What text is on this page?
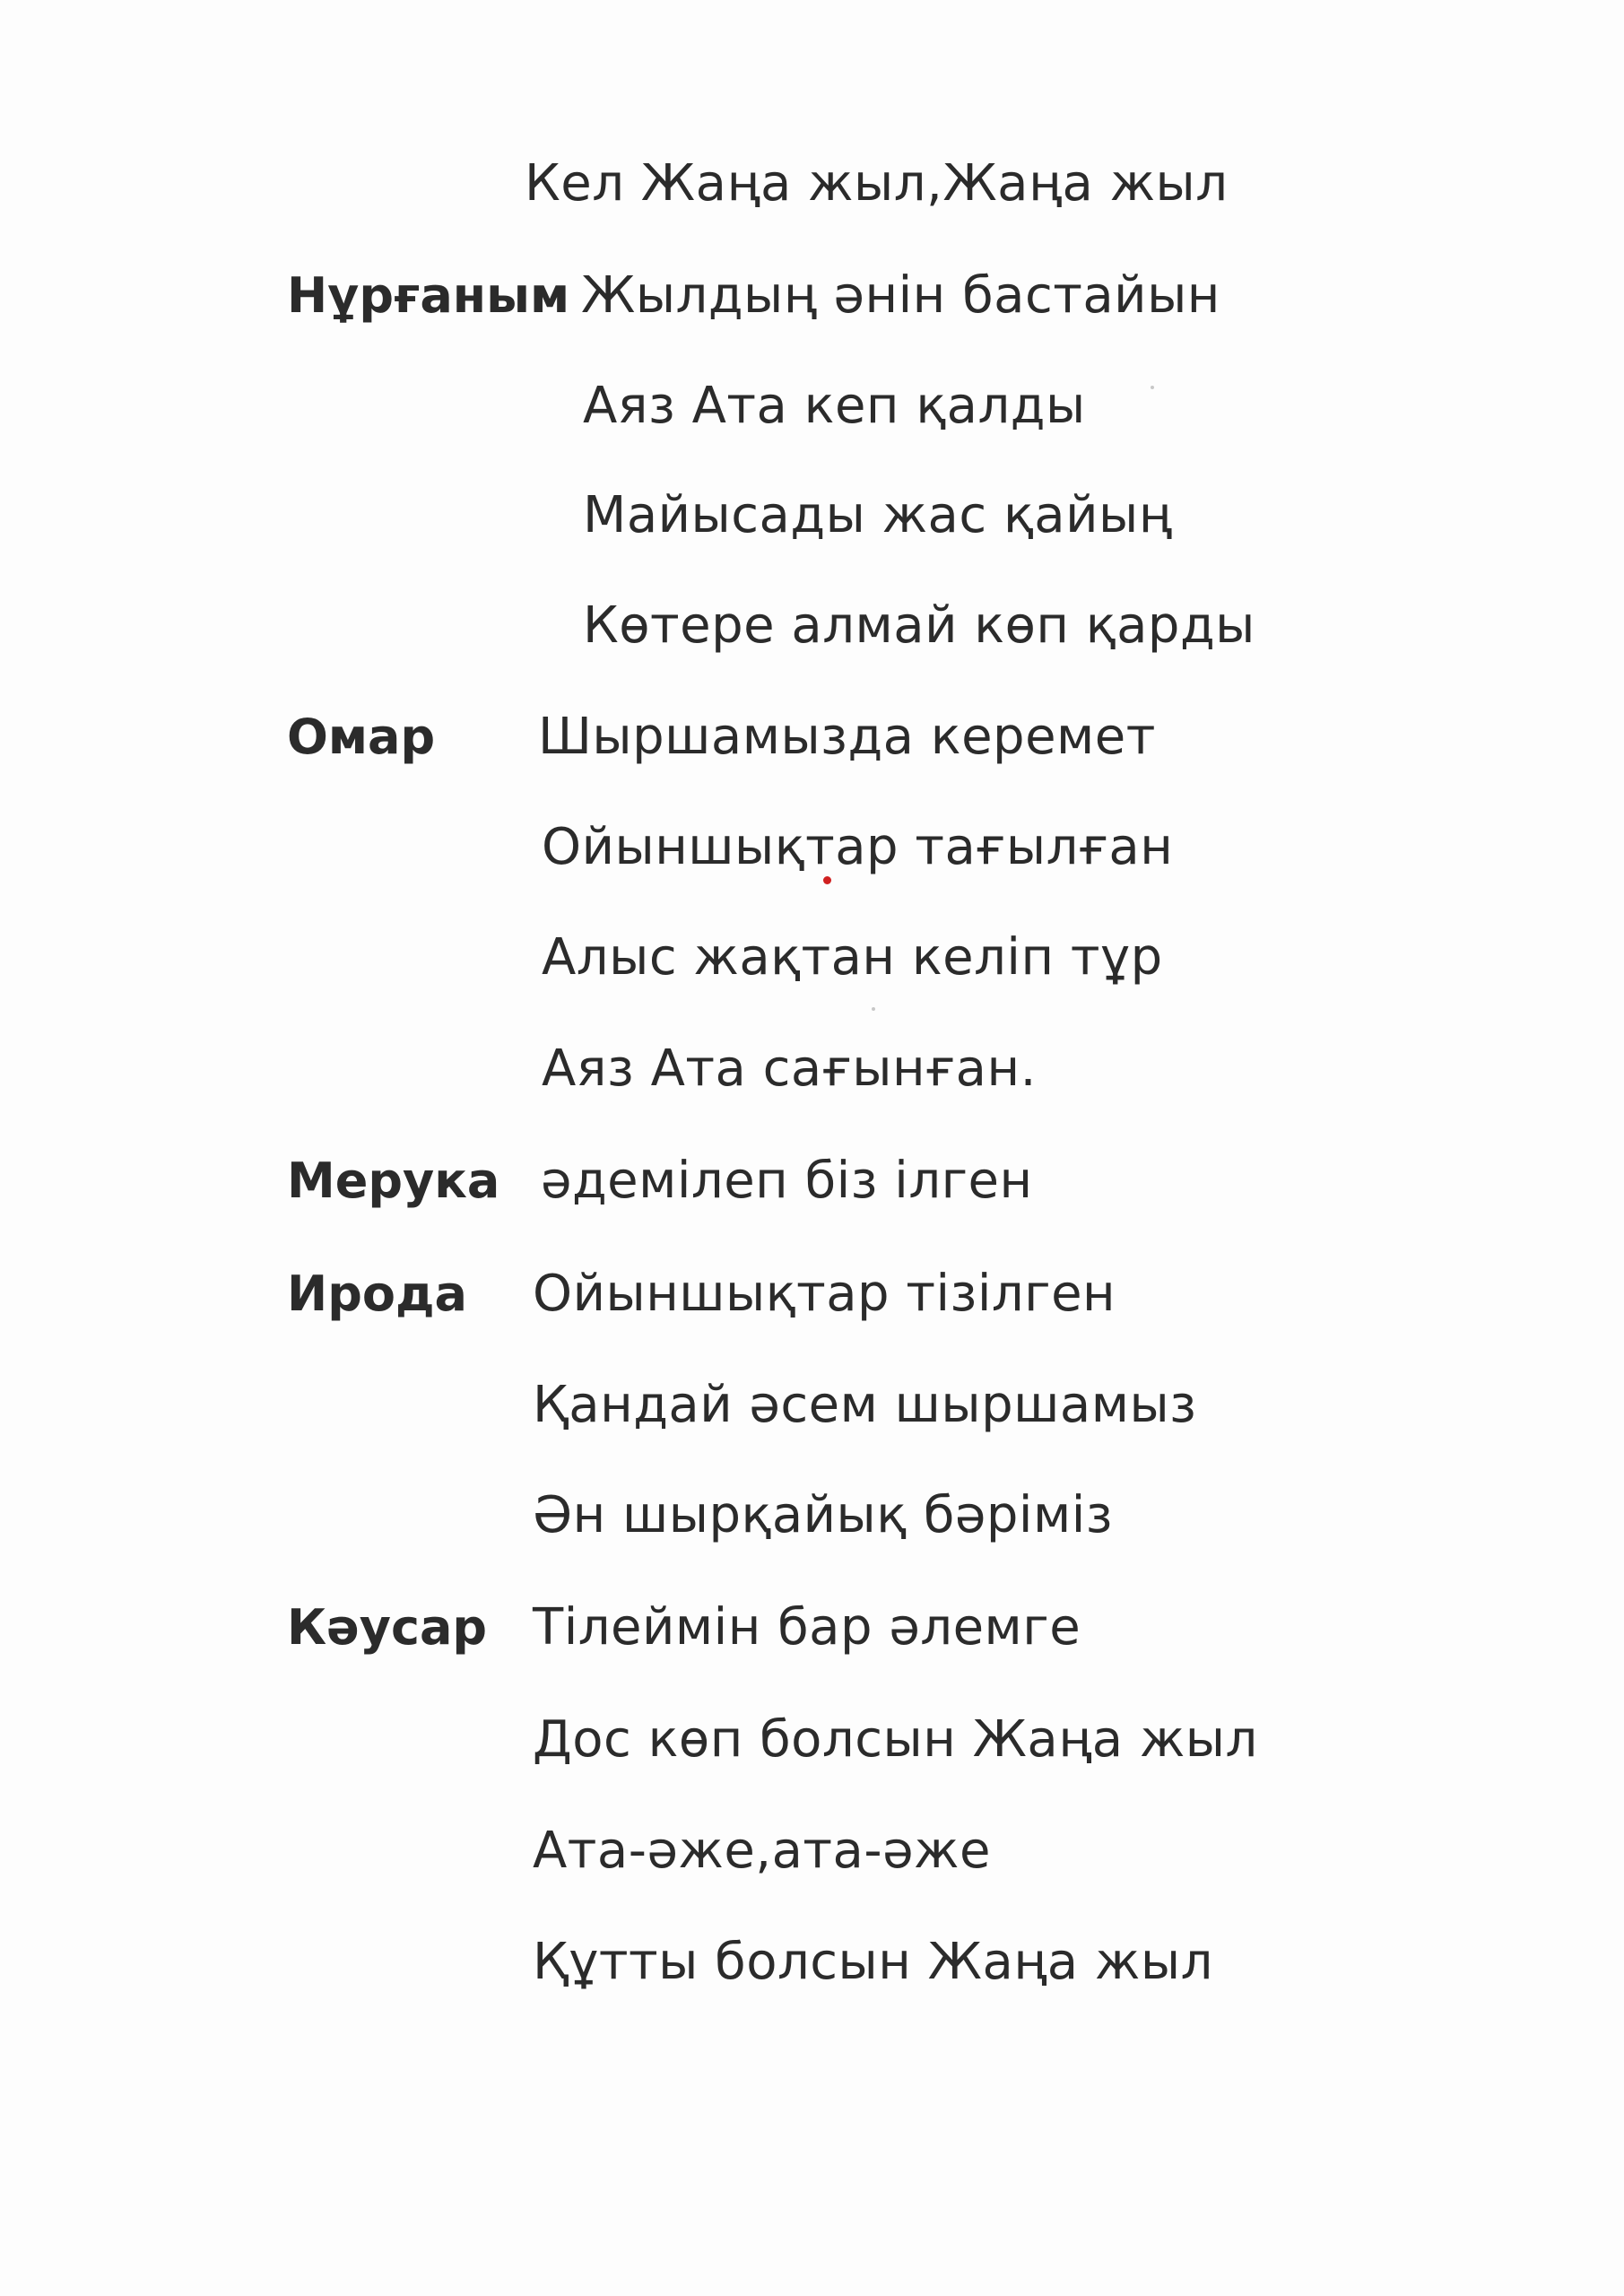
Кел Жаңа жыл,Жаңа жыл
Нұрғаным Жылдың әнін бастайын
Аяз Ата кеп қалды
Майысады жас қайың
Көтере алмай көп қарды
Омар Шыршамызда керемет
Ойыншықтар тағылған
Алыс жақтан келіп тұр
Аяз Ата сағынған.
Мерука әдемілеп біз ілген
Ирода Ойыншықтар тізілген
Қандай әсем шыршамыз
Ән шырқайық бәріміз
Кәусар Тілеймін бар әлемге
Дос көп болсын Жаңа жыл
Ата-әже,ата-әже
Құтты болсын Жаңа жыл
